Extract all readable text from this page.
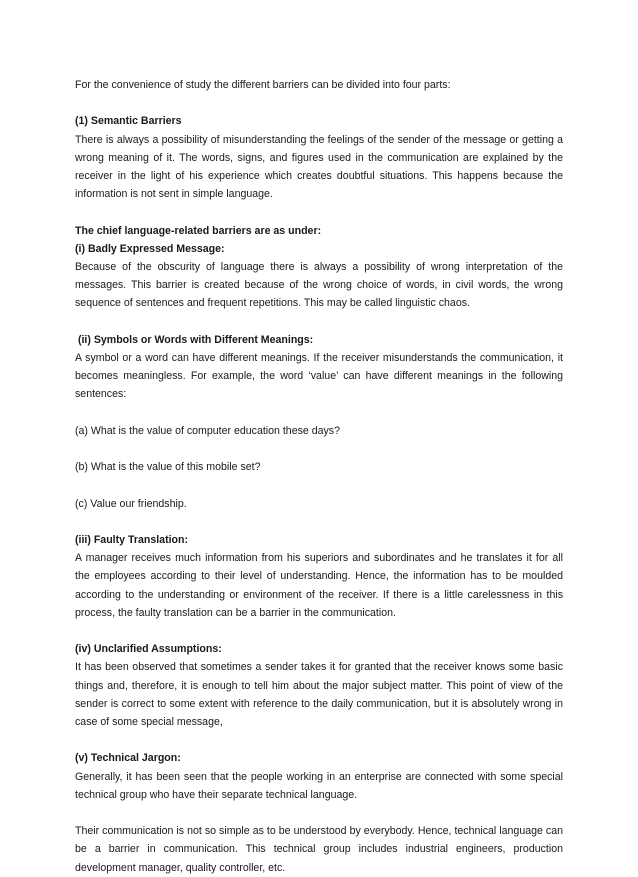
For the convenience of study the different barriers can be divided into four parts:

(1) Semantic Barriers

There is always a possibility of misunderstanding the feelings of the sender of the message or getting a wrong meaning of it. The words, signs, and figures used in the communication are explained by the receiver in the light of his experience which creates doubtful situations. This happens because the information is not sent in simple language.

The chief language-related barriers are as under:

(i) Badly Expressed Message:

Because of the obscurity of language there is always a possibility of wrong interpretation of the messages. This barrier is created because of the wrong choice of words, in civil words, the wrong sequence of sentences and frequent repetitions. This may be called linguistic chaos.

(ii) Symbols or Words with Different Meanings:

A symbol or a word can have different meanings. If the receiver misunderstands the communication, it becomes meaningless. For example, the word ‘value’ can have different meanings in the following sentences:

(a) What is the value of computer education these days?

(b) What is the value of this mobile set?

(c) Value our friendship.

(iii) Faulty Translation:

A manager receives much information from his superiors and subordinates and he translates it for all the employees according to their level of understanding. Hence, the information has to be moulded according to the understanding or environment of the receiver. If there is a little carelessness in this process, the faulty translation can be a barrier in the communication.

(iv) Unclarified Assumptions:

It has been observed that sometimes a sender takes it for granted that the receiver knows some basic things and, therefore, it is enough to tell him about the major subject matter. This point of view of the sender is correct to some extent with reference to the daily communication, but it is absolutely wrong in case of some special message,

(v) Technical Jargon:

Generally, it has been seen that the people working in an enterprise are connected with some special technical group who have their separate technical language.

Their communication is not so simple as to be understood by everybody. Hence, technical language can be a barrier in communication. This technical group includes industrial engineers, production development manager, quality controller, etc.
